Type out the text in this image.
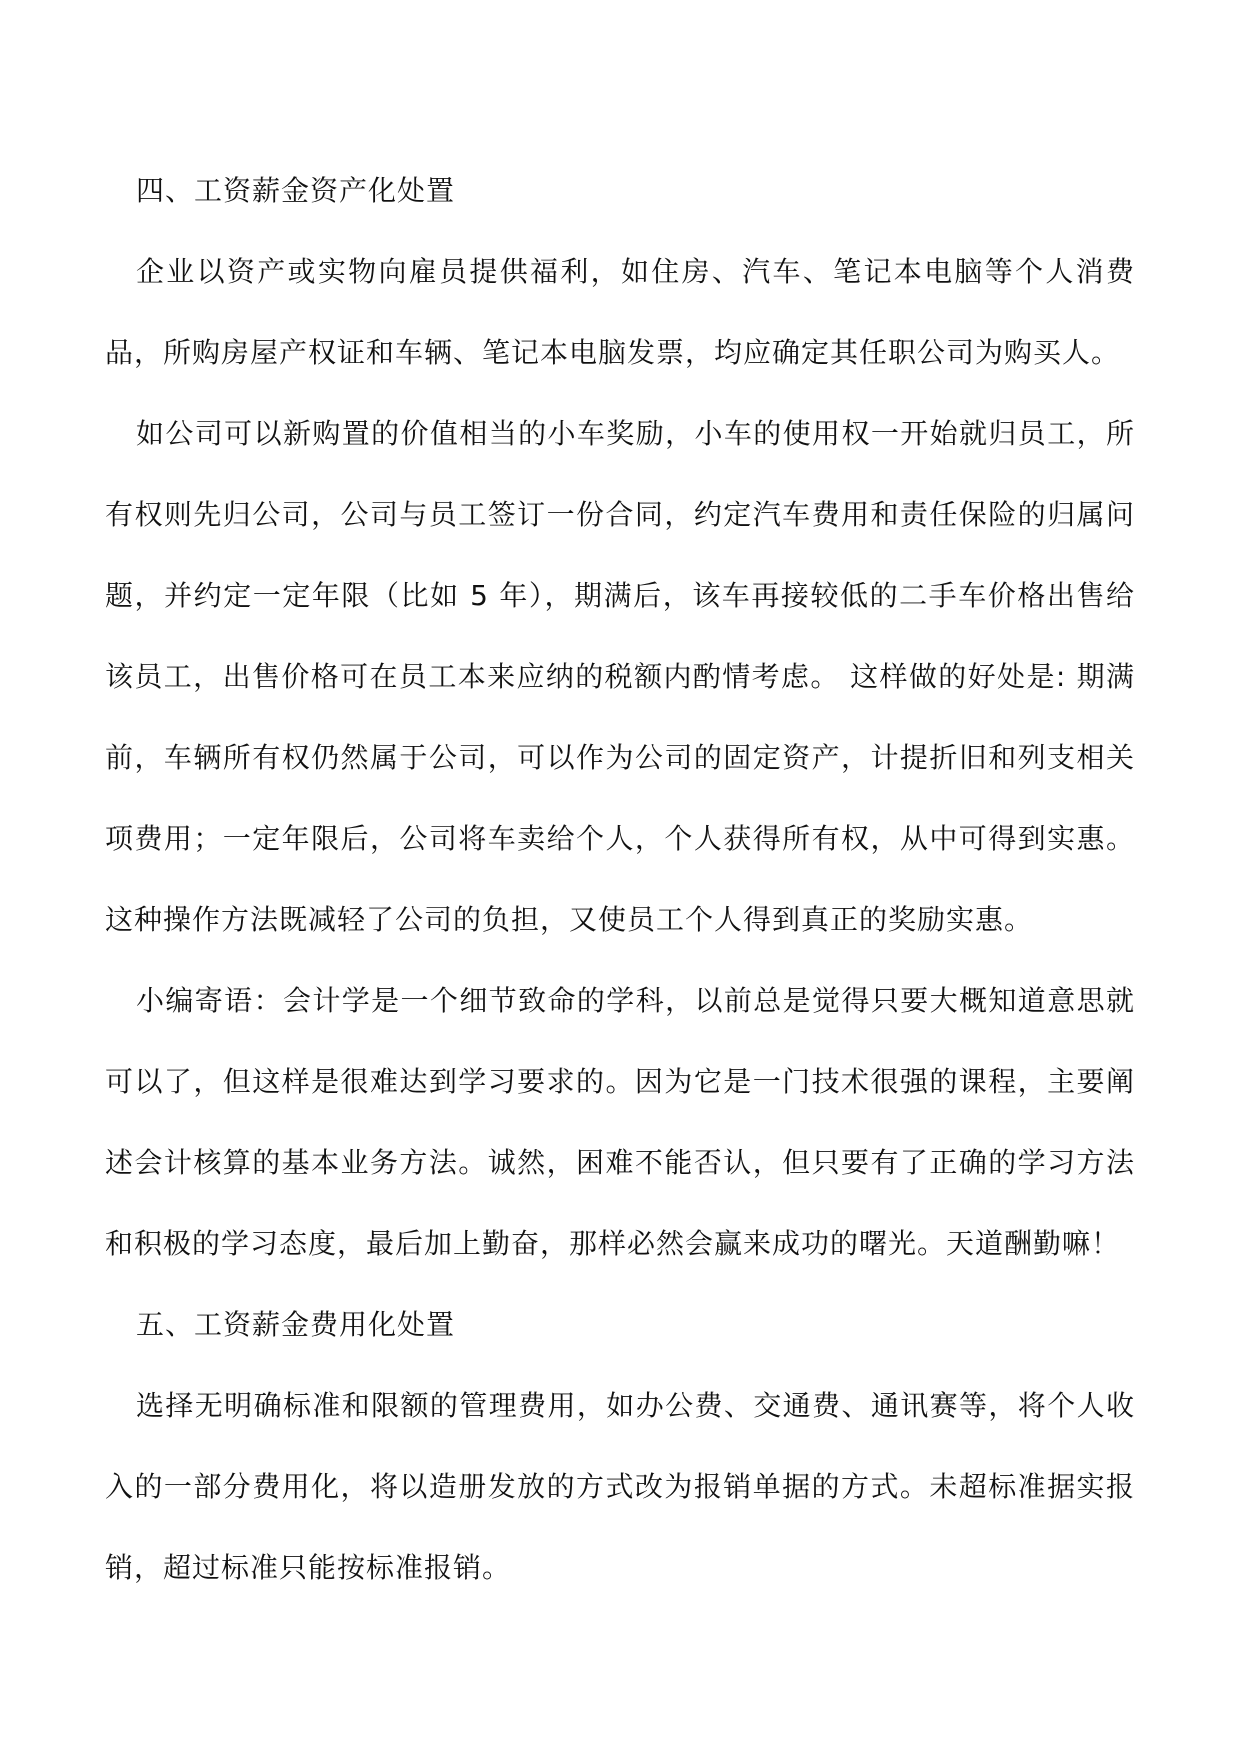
四、工资薪金资产化处置

企业以资产或实物向雇员提供福利，如住房、汽车、笔记本电脑等个人消费品，所购房屋产权证和车辆、笔记本电脑发票，均应确定其任职公司为购买人。

如公司可以新购置的价值相当的小车奖励，小车的使用权一开始就归员工，所有权则先归公司，公司与员工签订一份合同，约定汽车费用和责任保险的归属问题，并约定一定年限（比如 5 年），期满后，该车再接较低的二手车价格出售给该员工，出售价格可在员工本来应纳的税额内酌情考虑。 这样做的好处是: 期满前，车辆所有权仍然属于公司，可以作为公司的固定资产，计提折旧和列支相关项费用；一定年限后，公司将车卖给个人，个人获得所有权，从中可得到实惠。这种操作方法既减轻了公司的负担，又使员工个人得到真正的奖励实惠。

小编寄语：会计学是一个细节致命的学科，以前总是觉得只要大概知道意思就可以了，但这样是很难达到学习要求的。因为它是一门技术很强的课程，主要阐述会计核算的基本业务方法。诚然，困难不能否认，但只要有了正确的学习方法和积极的学习态度，最后加上勤奋，那样必然会赢来成功的曙光。天道酬勤嘛！

五、工资薪金费用化处置

选择无明确标准和限额的管理费用，如办公费、交通费、通讯赛等，将个人收入的一部分费用化，将以造册发放的方式改为报销单据的方式。未超标准据实报销，超过标准只能按标准报销。
